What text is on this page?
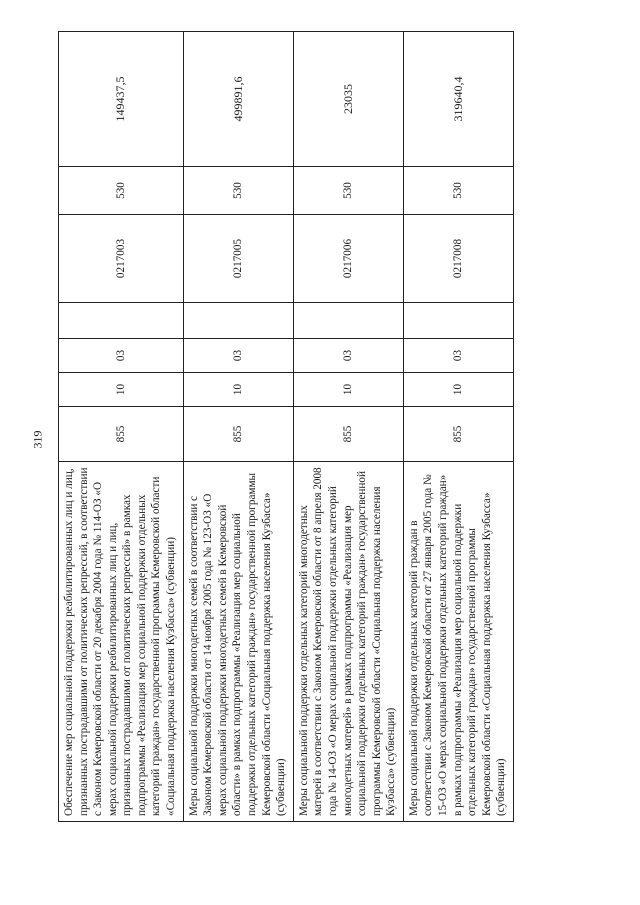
319
Обеспечение мер социальной поддержки реабилитированных лиц и лиц, признанных пострадавшими от политических репрессий, в соответствии с Законом Кемеровской области от 20 декабря 2004 года № 114-ОЗ «О мерах социальной поддержки реабилитированных лиц и лиц, признанных пострадавшими от политических репрессий» в рамках подпрограммы «Реализация мер социальной поддержки отдельных категорий граждан» государственной программы Кемеровской области «Социальная поддержка населения Кузбасса» (субвенции)	855	10	03		0217003	530	149437,5
Меры социальной поддержки многодетных семей в соответствии с Законом Кемеровской области от 14 ноября 2005 года № 123-ОЗ «О мерах социальной поддержки многодетных семей в Кемеровской области» в рамках подпрограммы «Реализация мер социальной поддержки отдельных категорий граждан» государственной программы Кемеровской области «Социальная поддержка населения Кузбасса» (субвенции)	855	10	03		0217005	530	499891,6
Меры социальной поддержки отдельных категорий многодетных матерей в соответствии с Законом Кемеровской области от 8 апреля 2008 года № 14-ОЗ «О мерах социальной поддержки отдельных категорий многодетных матерей» в рамках подпрограммы «Реализация мер социальной поддержки отдельных категорий граждан» государственной программы Кемеровской области «Социальная поддержка населения Кузбасса» (субвенции)	855	10	03		0217006	530	23035
Меры социальной поддержки отдельных категорий граждан в соответствии с Законом Кемеровской области от 27 января 2005 года № 15-ОЗ «О мерах социальной поддержки отдельных категорий граждан» в рамках подпрограммы «Реализация мер социальной поддержки отдельных категорий граждан» государственной программы Кемеровской области «Социальная поддержка населения Кузбасса» (субвенции)	855	10	03		0217008	530	319640,4
